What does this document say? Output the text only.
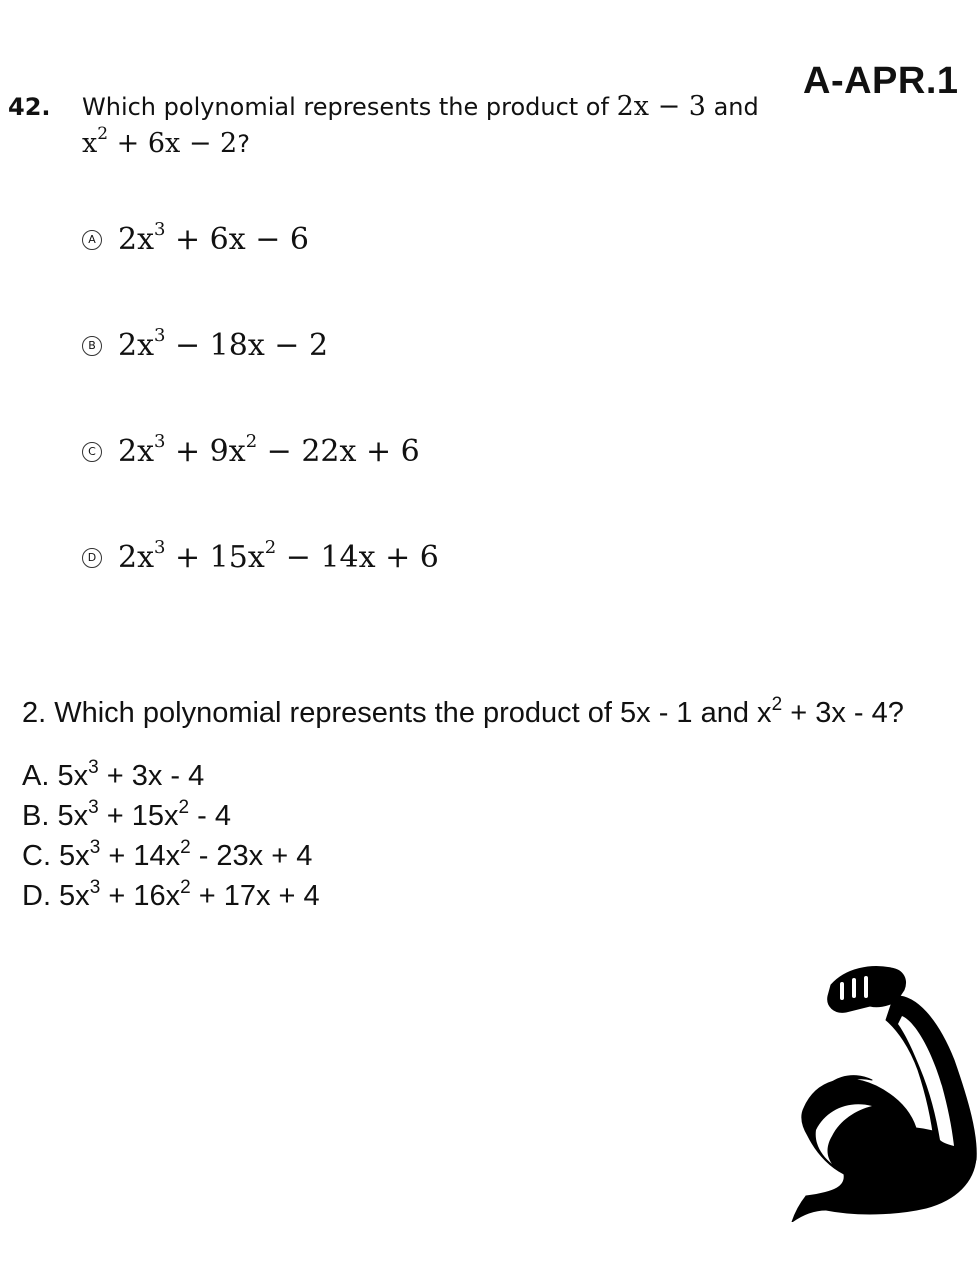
A-APR.1
42. Which polynomial represents the product of 2x − 3 and
$x^2 + 6x - 2$?
A $2x^3 + 6x - 6$
B $2x^3 - 18x - 2$
C $2x^3 + 9x^2 - 22x + 6$
D $2x^3 + 15x^2 - 14x + 6$
2. Which polynomial represents the product of 5x - 1 and $x^2 + 3x - 4$?
A. $5x^3 + 3x - 4$
B. $5x^3 + 15x^2 - 4$
C. $5x^3 + 14x^2 - 23x + 4$
D. $5x^3 + 16x^2 + 17x + 4$
